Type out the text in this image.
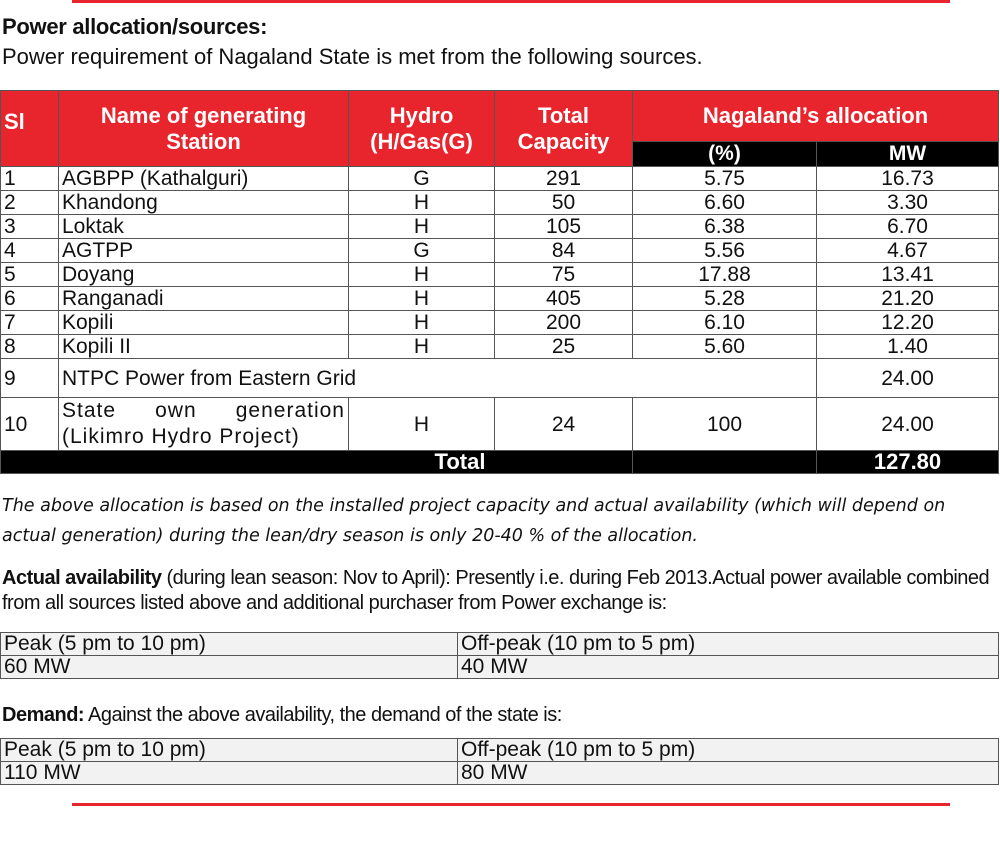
Power allocation/sources:

Power requirement of Nagaland State is met from the following sources.

Sl	Name of generating Station	Hydro (H/Gas(G)	Total Capacity	Nagaland’s allocation	
				(%)	MW
1	AGBPP (Kathalguri)	G	291	5.75	16.73
2	Khandong	H	50	6.60	3.30
3	Loktak	H	105	6.38	6.70
4	AGTPP	G	84	5.56	4.67
5	Doyang	H	75	17.88	13.41
6	Ranganadi	H	405	5.28	21.20
7	Kopili	H	200	6.10	12.20
8	Kopili II	H	25	5.60	1.40
9	NTPC Power from Eastern Grid				24.00
10	State own generation (Likimro Hydro Project)	H	24	100	24.00
Total					127.80

The above allocation is based on the installed project capacity and actual availability (which will depend on actual generation) during the lean/dry season is only 20-40 % of the allocation.

Actual availability (during lean season: Nov to April): Presently i.e. during Feb 2013.Actual power available combined from all sources listed above and additional purchaser from Power exchange is:

Peak (5 pm to 10 pm)	Off-peak (10 pm to 5 pm)
60 MW	40 MW

Demand: Against the above availability, the demand of the state is:

Peak (5 pm to 10 pm)	Off-peak (10 pm to 5 pm)
110 MW	80 MW
